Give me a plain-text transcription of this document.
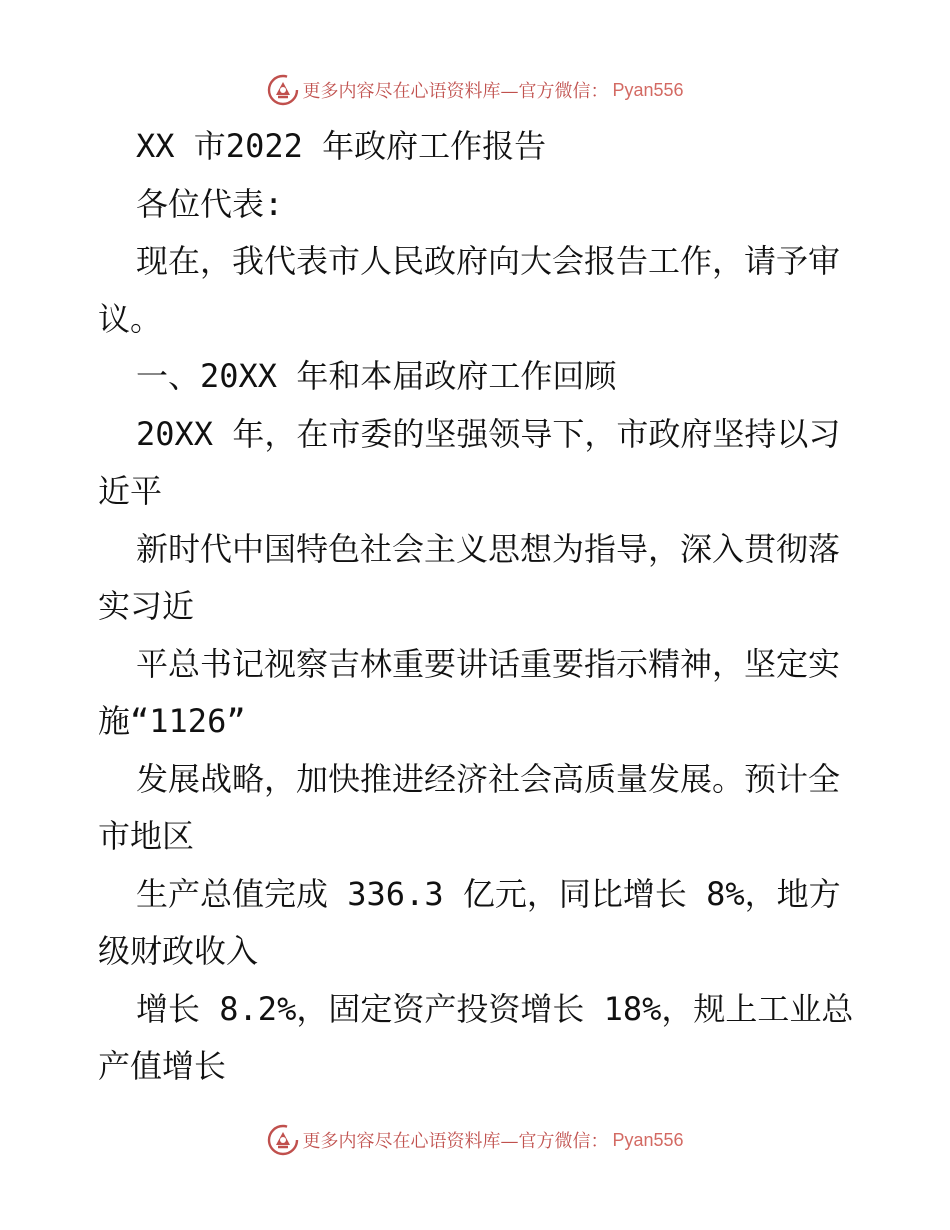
更多内容尽在心语资料库—官方微信： Pyan556

XX 市2022 年政府工作报告

各位代表:

现在，我代表市人民政府向大会报告工作，请予审议。

一、20XX 年和本届政府工作回顾

20XX 年，在市委的坚强领导下，市政府坚持以习近平

新时代中国特色社会主义思想为指导，深入贯彻落实习近

平总书记视察吉林重要讲话重要指示精神，坚定实施“1126”

发展战略，加快推进经济社会高质量发展。预计全市地区

生产总值完成 336.3 亿元，同比增长 8%，地方级财政收入

增长 8.2%，固定资产投资增长 18%，规上工业总产值增长

更多内容尽在心语资料库—官方微信： Pyan556
